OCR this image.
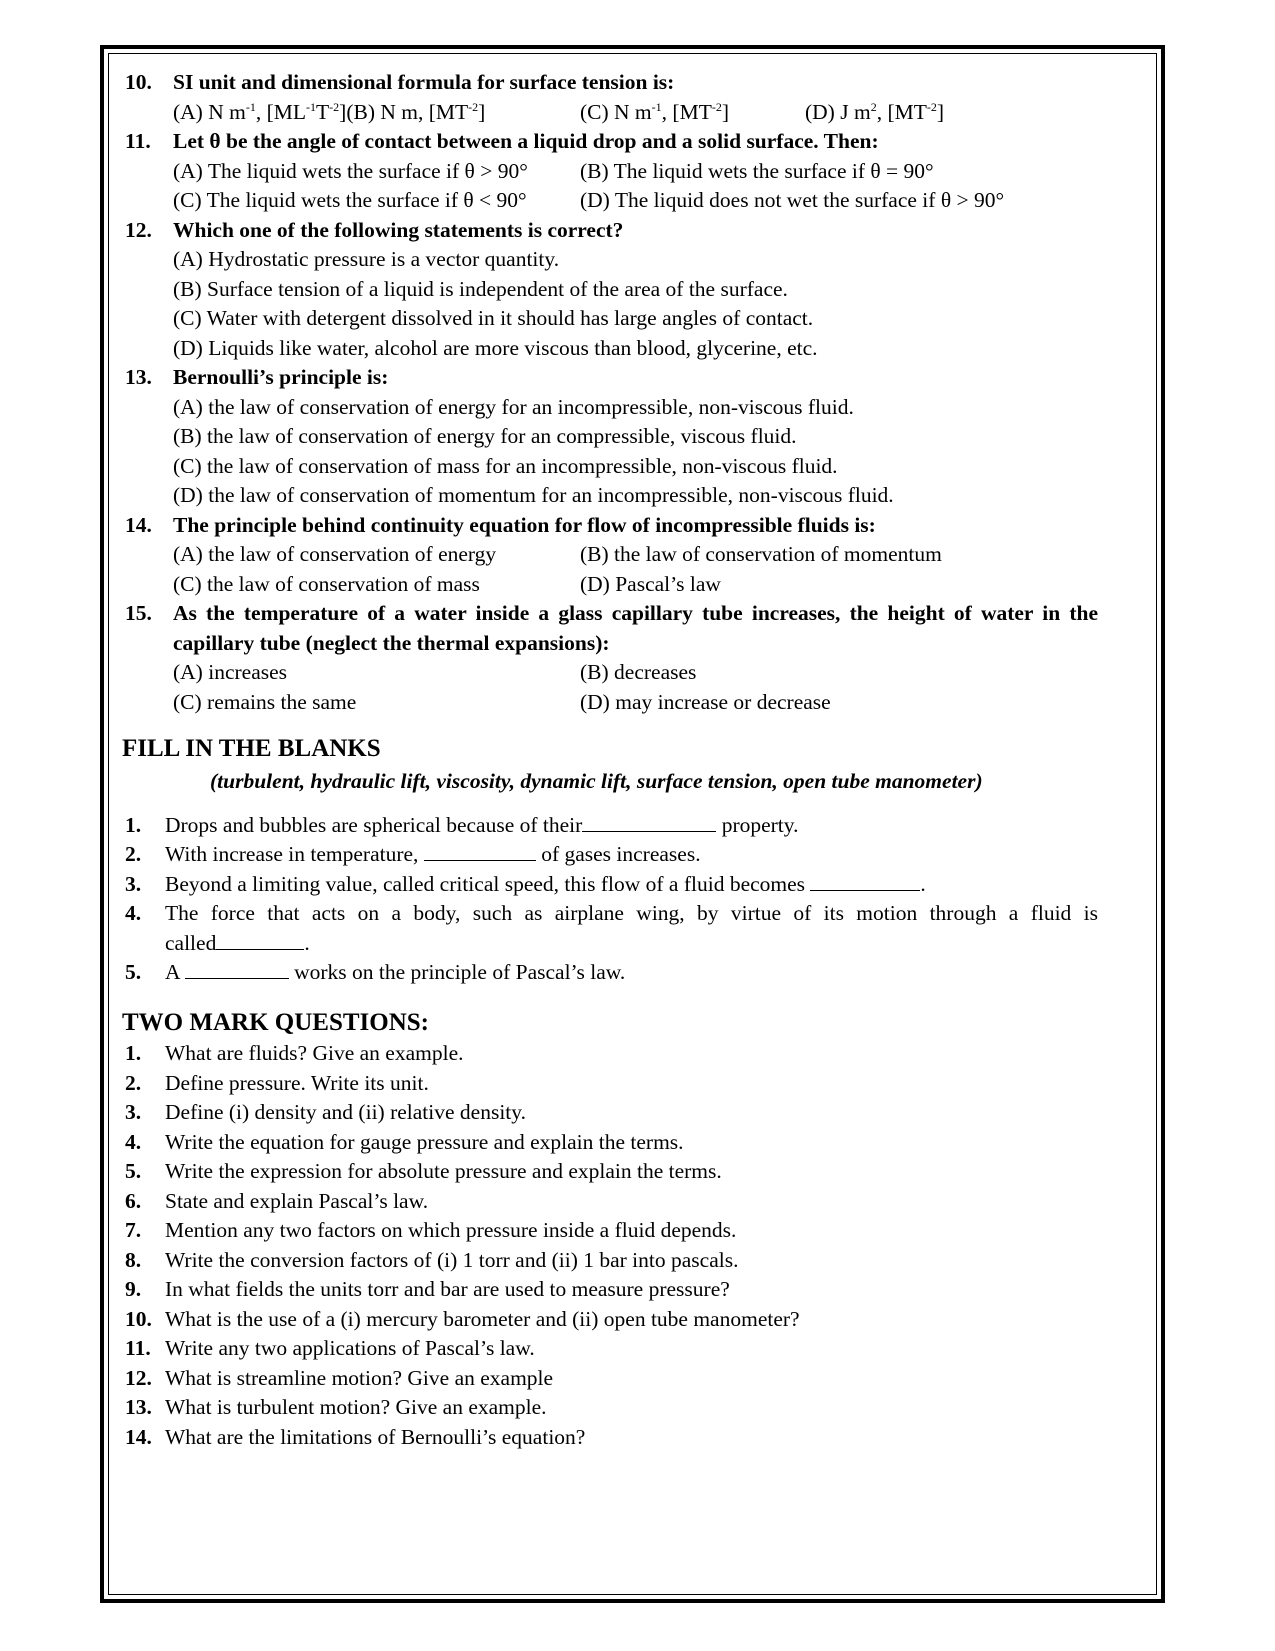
10. SI unit and dimensional formula for surface tension is:
(A) N $m^{-1}$, $[ML^{-1}T^{-2}](B)$ N m, $[MT^{-2}]$	(C) N $m^{-1}$, $[MT^{-2}]$	(D) J $m^2$, $[MT^{-2}]$
11. Let θ be the angle of contact between a liquid drop and a solid surface. Then:
(A) The liquid wets the surface if θ > 90° (B) The liquid wets the surface if θ = 90°
(C) The liquid wets the surface if θ < 90° (D) The liquid does not wet the surface if θ > 90°
12. Which one of the following statements is correct?
(A) Hydrostatic pressure is a vector quantity.
(B) Surface tension of a liquid is independent of the area of the surface.
(C) Water with detergent dissolved in it should has large angles of contact.
(D) Liquids like water, alcohol are more viscous than blood, glycerine, etc.
13. Bernoulli’s principle is:
(A) the law of conservation of energy for an incompressible, non-viscous fluid.
(B) the law of conservation of energy for an compressible, viscous fluid.
(C) the law of conservation of mass for an incompressible, non-viscous fluid.
(D) the law of conservation of momentum for an incompressible, non-viscous fluid.
14. The principle behind continuity equation for flow of incompressible fluids is:
(A) the law of conservation of energy	(B) the law of conservation of momentum
(C) the law of conservation of mass	(D) Pascal’s law
15. As the temperature of a water inside a glass capillary tube increases, the height of water in the
capillary tube (neglect the thermal expansions):
(A) increases	(B) decreases
(C) remains the same	(D) may increase or decrease
FILL IN THE BLANKS
(turbulent, hydraulic lift, viscosity, dynamic lift, surface tension, open tube manometer)
1. Drops and bubbles are spherical because of their	property.
2. With increase in temperature,	of gases increases.
3. Beyond a limiting value, called critical speed, this flow of a fluid becomes	.
4. The force that acts on a body, such as airplane wing, by virtue of its motion through a fluid is
called	.
5. A	works on the principle of Pascal’s law.
TWO MARK QUESTIONS:
1. What are fluids? Give an example.
2. Define pressure. Write its unit.
3. Define (i) density and (ii) relative density.
4. Write the equation for gauge pressure and explain the terms.
5. Write the expression for absolute pressure and explain the terms.
6. State and explain Pascal’s law.
7. Mention any two factors on which pressure inside a fluid depends.
8. Write the conversion factors of (i) 1 torr and (ii) 1 bar into pascals.
9. In what fields the units torr and bar are used to measure pressure?
10. What is the use of a (i) mercury barometer and (ii) open tube manometer?
11. Write any two applications of Pascal’s law.
12. What is streamline motion? Give an example
13. What is turbulent motion? Give an example.
14. What are the limitations of Bernoulli’s equation?
